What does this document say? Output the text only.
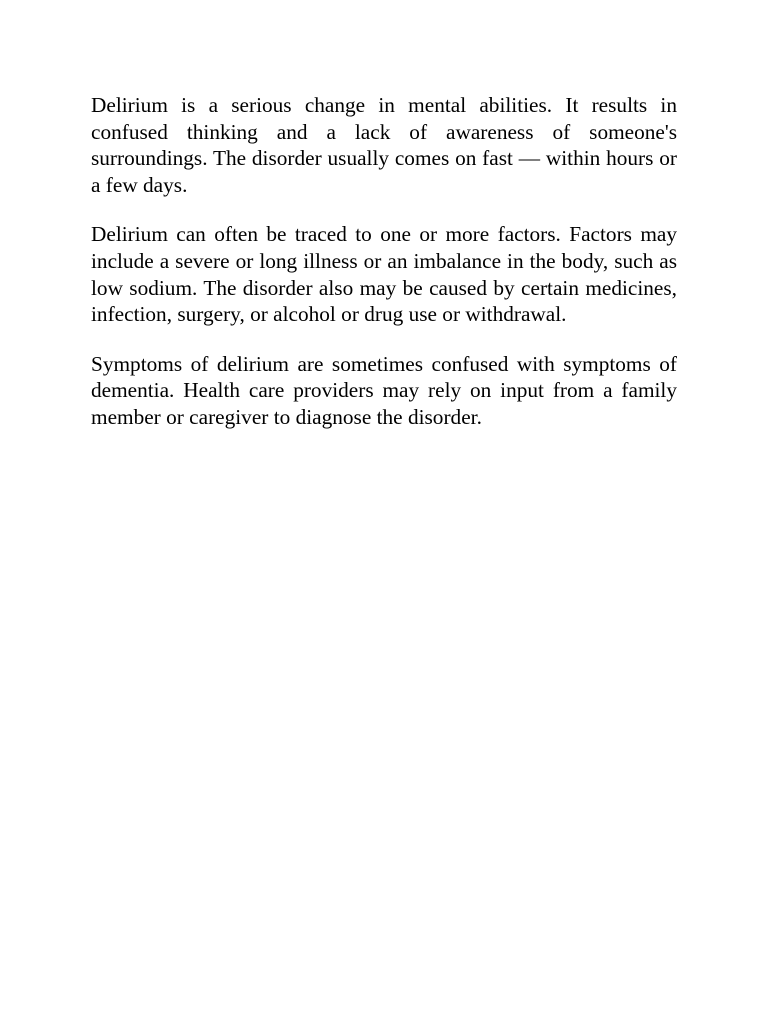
Delirium is a serious change in mental abilities. It results in confused thinking and a lack of awareness of someone's surroundings. The disorder usually comes on fast — within hours or a few days.

Delirium can often be traced to one or more factors. Factors may include a severe or long illness or an imbalance in the body, such as low sodium. The disorder also may be caused by certain medicines, infection, surgery, or alcohol or drug use or withdrawal.

Symptoms of delirium are sometimes confused with symptoms of dementia. Health care providers may rely on input from a family member or caregiver to diagnose the disorder.
